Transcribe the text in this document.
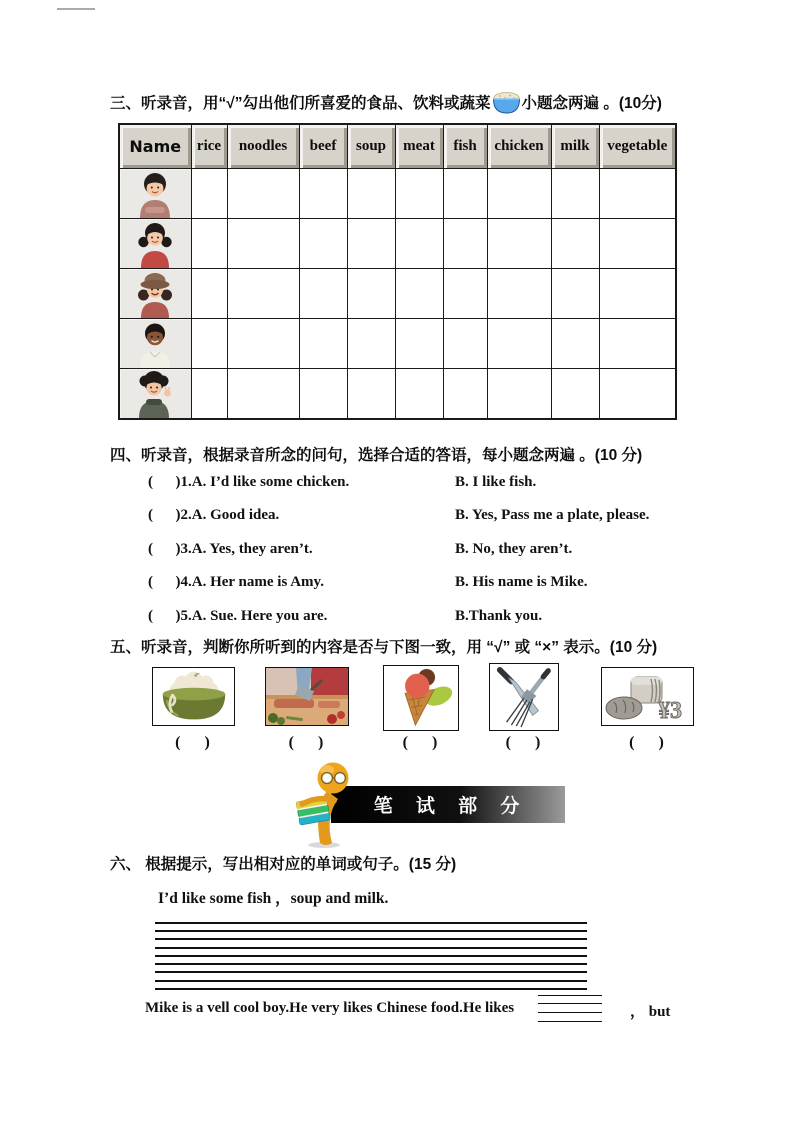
三、听录音，用“√”勾出他们所喜爱的食品、饮料或蔬菜 小题念两遍 。(10分)
Name	rice	noodles	beef	soup	meat	fish	chicken	milk	vegetable

四、听录音，根据录音所念的问句，选择合适的答语，每小题念两遍 。(10 分)
(      )1.A. I’d like some chicken.	B. I like fish.
(      )2.A. Good idea.	B. Yes, Pass me a plate, please.
(      )3.A. Yes, they aren’t.	B. No, they aren’t.
(      )4.A. Her name is Amy.	B. His name is Mike.
(      )5.A. Sue. Here you are.	B.Thank you.
五、听录音，判断你所听到的内容是否与下图一致，用 “√” 或 “×” 表示。(10 分)
¥3
(      )	(      )	(      )	(      )	(      )
笔 试 部 分
六、 根据提示，写出相对应的单词或句子。(15 分)
I’d like some fish ，soup and milk.
Mike is a vell cool boy.He very likes Chinese food.He likes	， but
